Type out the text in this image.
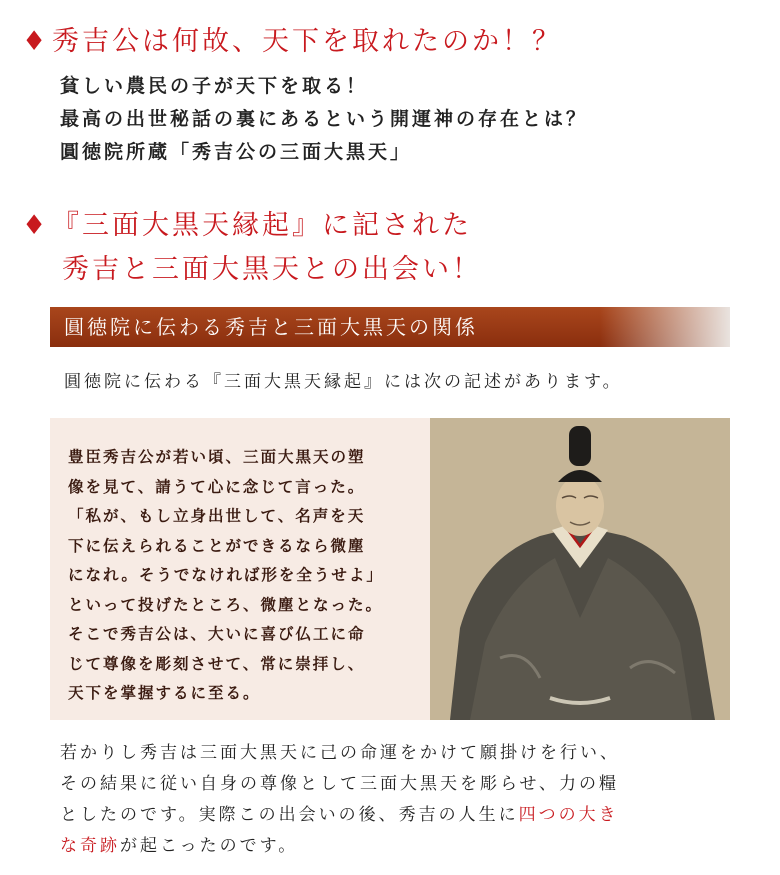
♦ 秀吉公は何故、天下を取れたのか！？
貧しい農民の子が天下を取る！
最高の出世秘話の裏にあるという開運神の存在とは？
圓徳院所蔵「秀吉公の三面大黒天」
♦ 『三面大黒天縁起』に記された
秀吉と三面大黒天との出会い！
圓徳院に伝わる秀吉と三面大黒天の関係
圓徳院に伝わる『三面大黒天縁起』には次の記述があります。
豊臣秀吉公が若い頃、三面大黒天の塑
像を見て、請うて心に念じて言った。
「私が、もし立身出世して、名声を天
下に伝えられることができるなら微塵
になれ。そうでなければ形を全うせよ」
といって投げたところ、微塵となった。
そこで秀吉公は、大いに喜び仏工に命
じて尊像を彫刻させて、常に崇拝し、
天下を掌握するに至る。
若かりし秀吉は三面大黒天に己の命運をかけて願掛けを行い、
その結果に従い自身の尊像として三面大黒天を彫らせ、力の糧
としたのです。実際この出会いの後、秀吉の人生に四つの大き
な奇跡が起こったのです。
